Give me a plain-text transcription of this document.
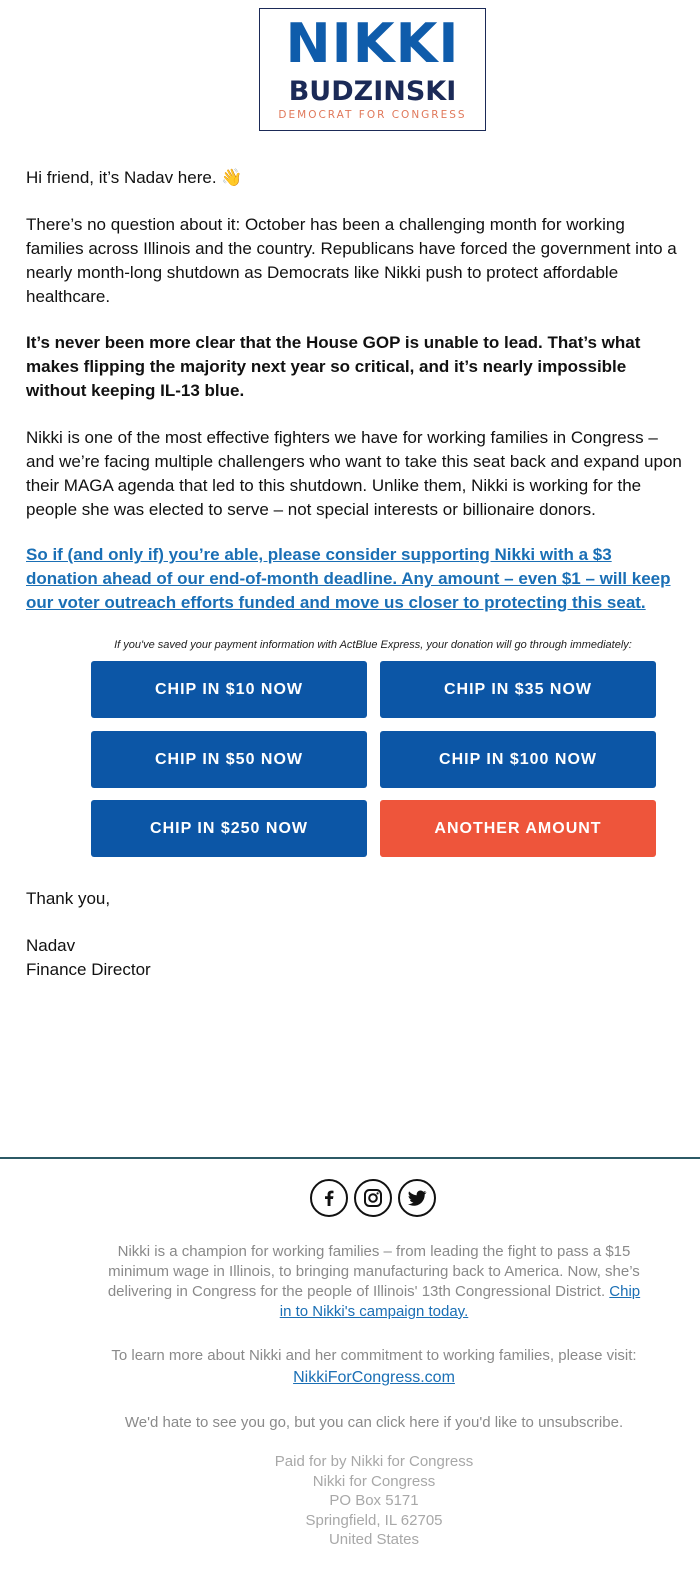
NIKKI
BUDZINSKI
DEMOCRAT FOR CONGRESS
Hi friend, it’s Nadav here. 👋
There’s no question about it: October has been a challenging month for working
families across Illinois and the country. Republicans have forced the government into a
nearly month-long shutdown as Democrats like Nikki push to protect affordable
healthcare.
It’s never been more clear that the House GOP is unable to lead. That’s what
makes flipping the majority next year so critical, and it’s nearly impossible
without keeping IL-13 blue.
Nikki is one of the most effective fighters we have for working families in Congress –
and we’re facing multiple challengers who want to take this seat back and expand upon
their MAGA agenda that led to this shutdown. Unlike them, Nikki is working for the
people she was elected to serve – not special interests or billionaire donors.
So if (and only if) you’re able, please consider supporting Nikki with a $3
donation ahead of our end-of-month deadline. Any amount – even $1 – will keep
our voter outreach efforts funded and move us closer to protecting this seat.
If you've saved your payment information with ActBlue Express, your donation will go through immediately:
CHIP IN $10 NOW	CHIP IN $35 NOW
CHIP IN $50 NOW	CHIP IN $100 NOW
CHIP IN $250 NOW	ANOTHER AMOUNT
Thank you,
Nadav
Finance Director
Nikki is a champion for working families – from leading the fight to pass a $15
minimum wage in Illinois, to bringing manufacturing back to America. Now, she’s
delivering in Congress for the people of Illinois' 13th Congressional District. Chip
in to Nikki's campaign today.
To learn more about Nikki and her commitment to working families, please visit:
NikkiForCongress.com
We'd hate to see you go, but you can click here if you'd like to unsubscribe.
Paid for by Nikki for Congress
Nikki for Congress
PO Box 5171
Springfield, IL 62705
United States
